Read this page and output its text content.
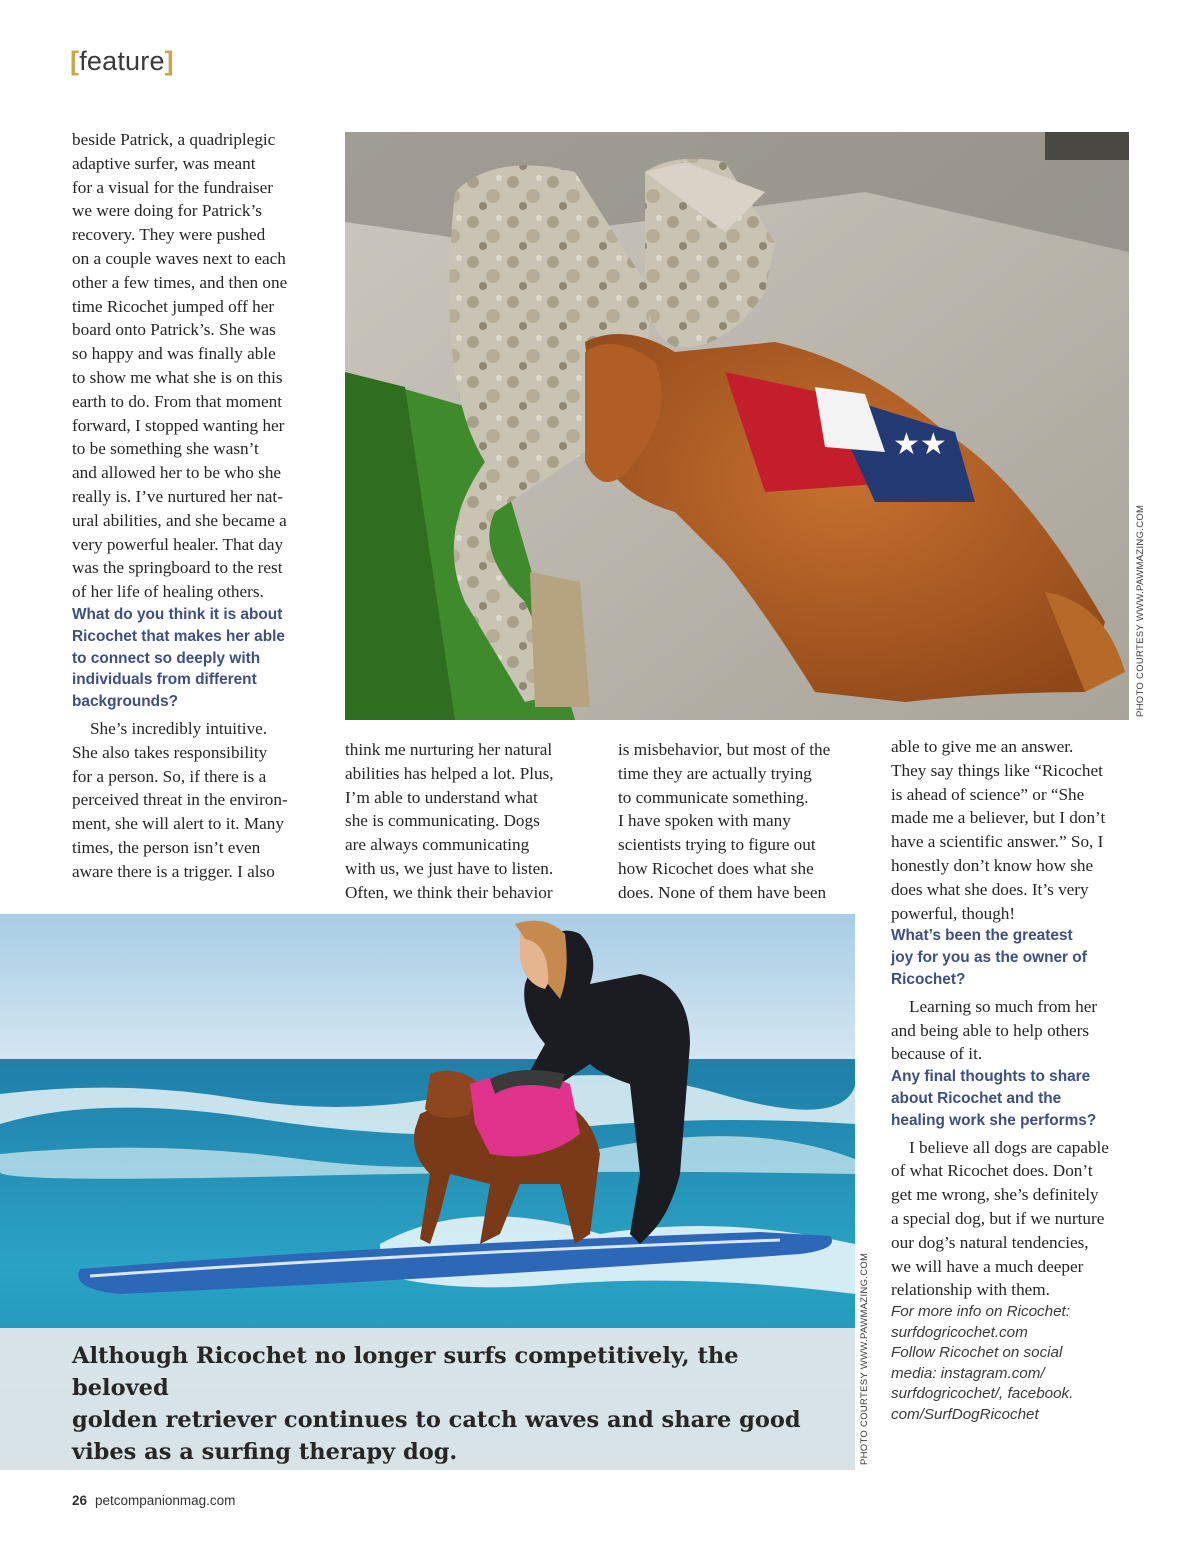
[feature]

beside Patrick, a quadriplegic
adaptive surfer, was meant
for a visual for the fundraiser
we were doing for Patrick’s
recovery. They were pushed
on a couple waves next to each
other a few times, and then one
time Ricochet jumped off her
board onto Patrick’s. She was
so happy and was finally able
to show me what she is on this
earth to do. From that moment
forward, I stopped wanting her
to be something she wasn’t
and allowed her to be who she
really is. I’ve nurtured her nat-
ural abilities, and she became a
very powerful healer. That day
was the springboard to the rest
of her life of healing others.

What do you think it is about
Ricochet that makes her able
to connect so deeply with
individuals from different
backgrounds?

She’s incredibly intuitive.
She also takes responsibility
for a person. So, if there is a
perceived threat in the environ-
ment, she will alert to it. Many
times, the person isn’t even
aware there is a trigger. I also

★★
PHOTO COURTESY WWW.PAWMAZING.COM

think me nurturing her natural
abilities has helped a lot. Plus,
I’m able to understand what
she is communicating. Dogs
are always communicating
with us, we just have to listen.
Often, we think their behavior

is misbehavior, but most of the
time they are actually trying
to communicate something.
I have spoken with many
scientists trying to figure out
how Ricochet does what she
does. None of them have been

able to give me an answer.
They say things like “Ricochet
is ahead of science” or “She
made me a believer, but I don’t
have a scientific answer.” So, I
honestly don’t know how she
does what she does. It’s very
powerful, though!

What’s been the greatest
joy for you as the owner of
Ricochet?

Learning so much from her
and being able to help others
because of it.

Any final thoughts to share
about Ricochet and the
healing work she performs?

I believe all dogs are capable
of what Ricochet does. Don’t
get me wrong, she’s definitely
a special dog, but if we nurture
our dog’s natural tendencies,
we will have a much deeper
relationship with them.

For more info on Ricochet:
surfdogricochet.com
Follow Ricochet on social
media: instagram.com/
surfdogricochet/, facebook.
com/SurfDogRicochet

Although Ricochet no longer surfs competitively, the beloved
golden retriever continues to catch waves and share good
vibes as a surfing therapy dog.	PHOTO COURTESY WWW.PAWMAZING.COM
26 petcompanionmag.com
